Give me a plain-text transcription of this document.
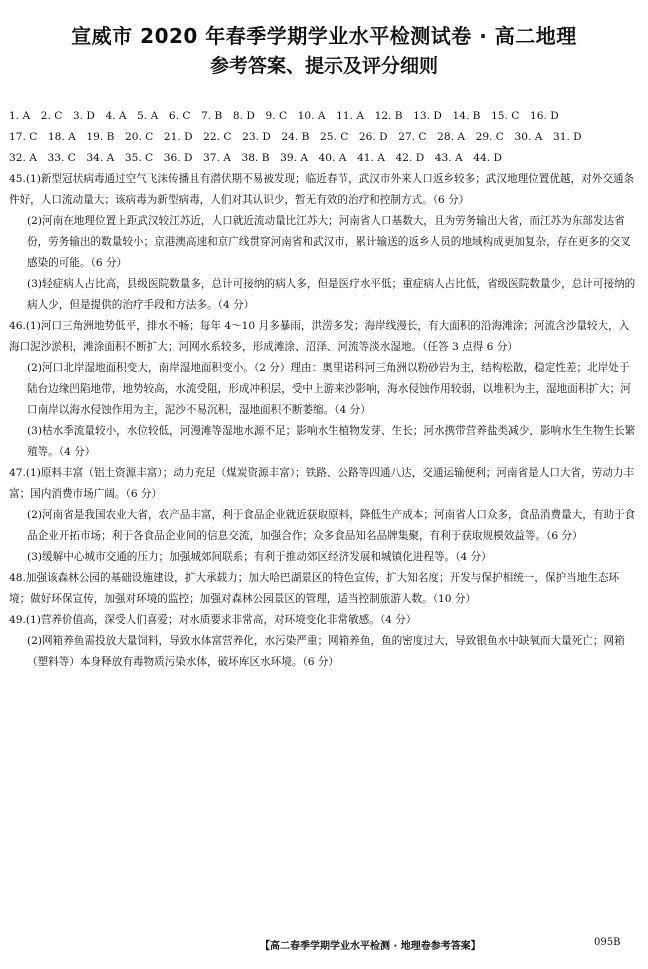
宣威市 2020 年春季学期学业水平检测试卷 · 高二地理
参考答案、提示及评分细则
1. A　2. C　3. D　4. A　5. A　6. C　7. B　8. D　9. C　10. A　11. A　12. B　13. D　14. B　15. C　16. D
17. C　18. A　19. B　20. C　21. D　22. C　23. D　24. B　25. C　26. D　27. C　28. A　29. C　30. A　31. D
32. A　33. C　34. A　35. C　36. D　37. A　38. B　39. A　40. A　41. A　42. D　43. A　44. D
45.(1)新型冠状病毒通过空气飞沫传播且有潜伏期不易被发现；临近春节，武汉市外来人口返乡较多；武汉地理位置优越，对外交通条件好，人口流动量大；该病毒为新型病毒，人们对其认识少，暂无有效的治疗和控制方式。（6 分）
(2)河南在地理位置上距武汉较江苏近，人口就近流动量比江苏大；河南省人口基数大，且为劳务输出大省，而江苏为东部发达省份，劳务输出的数量较小；京港澳高速和京广线贯穿河南省和武汉市，累计输送的返乡人员的地域构成更加复杂，存在更多的交叉感染的可能。（6 分）
(3)轻症病人占比高，县级医院数量多，总计可接纳的病人多，但是医疗水平低；重症病人占比低，省级医院数量少，总计可接纳的病人少，但是提供的治疗手段和方法多。（4 分）
46.(1)河口三角洲地势低平，排水不畅；每年 4～10 月多暴雨，洪涝多发；海岸线漫长，有大面积的沿海滩涂；河流含沙量较大，入海口泥沙淤积，滩涂面积不断扩大；河网水系较多，形成滩涂、沼泽、河流等淡水湿地。（任答 3 点得 6 分）
(2)河口北岸湿地面积变大，南岸湿地面积变小。（2 分）理由：奥里诺科河三角洲以粉砂岩为主，结构松散，稳定性差；北岸处于陆台边缘凹陷地带，地势较高，水流受阻，形成冲积层，受中上游来沙影响，海水侵蚀作用较弱，以堆积为主，湿地面积扩大；河口南岸以海水侵蚀作用为主，泥沙不易沉积，湿地面积不断萎缩。（4 分）
(3)枯水季流量较小，水位较低，河漫滩等湿地水源不足；影响水生植物发芽、生长；河水携带营养盐类减少，影响水生生物生长繁殖等。（4 分）
47.(1)原料丰富（铝土资源丰富）；动力充足（煤炭资源丰富）；铁路、公路等四通八达，交通运输便利；河南省是人口大省，劳动力丰富；国内消费市场广阔。（6 分）
(2)河南省是我国农业大省，农产品丰富，利于食品企业就近获取原料，降低生产成本；河南省人口众多，食品消费量大，有助于食品企业开拓市场；利于各食品企业间的信息交流，加强合作；众多食品知名品牌集聚，有利于获取规模效益等。（6 分）
(3)缓解中心城市交通的压力；加强城郊间联系；有利于推动郊区经济发展和城镇化进程等。（4 分）
48.加强该森林公园的基础设施建设，扩大承载力；加大哈巴湖景区的特色宣传，扩大知名度；开发与保护相统一，保护当地生态环境；做好环保宣传，加强对环境的监控；加强对森林公园景区的管理，适当控制旅游人数。（10 分）
49.(1)营养价值高，深受人们喜爱；对水质要求非常高，对环境变化非常敏感。（4 分）
(2)网箱养鱼需投放大量饲料，导致水体富营养化，水污染严重；网箱养鱼，鱼的密度过大，导致银鱼水中缺氧而大量死亡；网箱（塑料等）本身释放有毒物质污染水体，破坏库区水环境。（6 分）
【高二春季学期学业水平检测 · 地理卷参考答案】	095B
